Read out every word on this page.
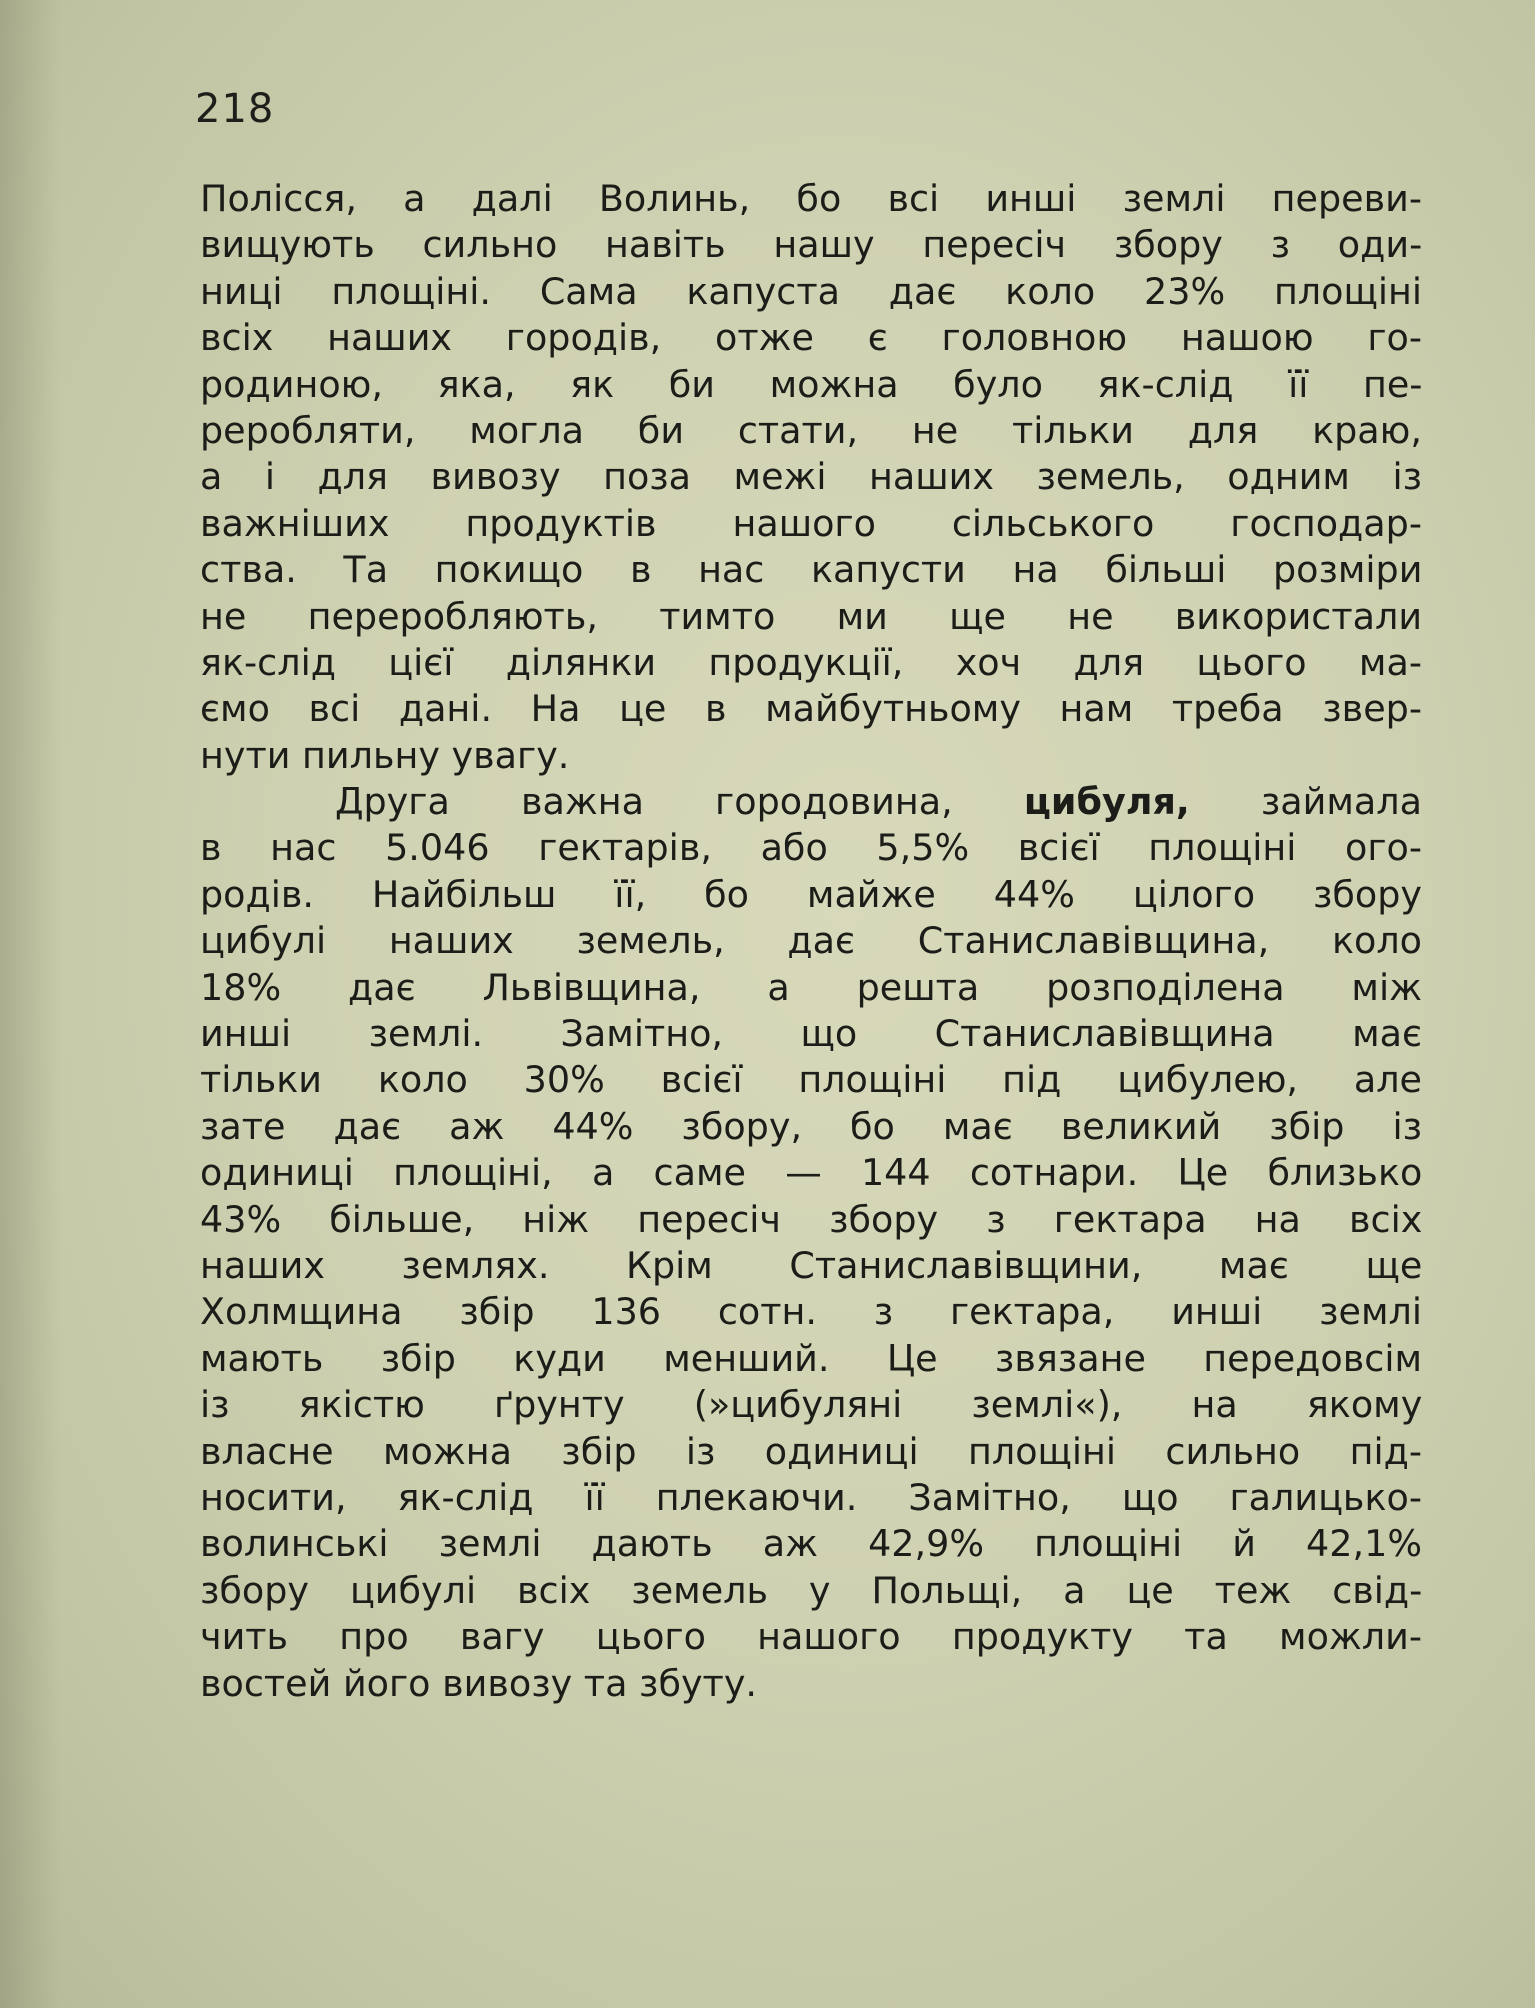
218
Полісся, а далі Волинь, бо всі инші землі переви-
вищують сильно навіть нашу пересіч збору з оди-
ниці площіні. Сама капуста дає коло 23% площіні
всіх наших городів, отже є головною нашою го-
родиною, яка, як би можна було як-слід її пе-
реробляти, могла би стати, не тільки для краю,
а і для вивозу поза межі наших земель, одним із
важніших продуктів нашого сільського господар-
ства. Та покищо в нас капусти на більші розміри
не переробляють, тимто ми ще не використали
як-слід цієї ділянки продукції, хоч для цього ма-
ємо всі дані. На це в майбутньому нам треба звер-
нути пильну увагу.
Друга важна городовина, цибуля, займала
в нас 5.046 гектарів, або 5,5% всієї площіні ого-
родів. Найбільш її, бо майже 44% цілого збору
цибулі наших земель, дає Станиславівщина, коло
18% дає Львівщина, а решта розподілена між
инші землі. Замітно, що Станиславівщина має
тільки коло 30% всієї площіні під цибулею, але
зате дає аж 44% збору, бо має великий збір із
одиниці площіні, а саме — 144 сотнари. Це близько
43% більше, ніж пересіч збору з гектара на всіх
наших землях. Крім Станиславівщини, має ще
Холмщина збір 136 сотн. з гектара, инші землі
мають збір куди менший. Це звязане передовсім
із якістю ґрунту (»цибуляні землі«), на якому
власне можна збір із одиниці площіні сильно під-
носити, як-слід її плекаючи. Замітно, що галицько-
волинські землі дають аж 42,9% площіні й 42,1%
збору цибулі всіх земель у Польщі, а це теж свід-
чить про вагу цього нашого продукту та можли-
востей його вивозу та збуту.
